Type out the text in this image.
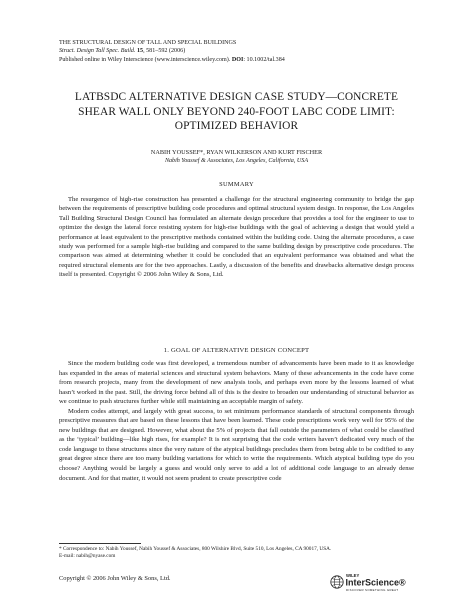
THE STRUCTURAL DESIGN OF TALL AND SPECIAL BUILDINGS
Struct. Design Tall Spec. Build. 15, 581–592 (2006)
Published online in Wiley Interscience (www.interscience.wiley.com). DOI: 10.1002/tal.384
LATBSDC ALTERNATIVE DESIGN CASE STUDY—CONCRETE
SHEAR WALL ONLY BEYOND 240-FOOT LABC CODE LIMIT:
OPTIMIZED BEHAVIOR
NABIH YOUSSEF*, RYAN WILKERSON AND KURT FISCHER
Nabih Youssef & Associates, Los Angeles, California, USA
SUMMARY

The resurgence of high-rise construction has presented a challenge for the structural engineering community to bridge the gap between the requirements of prescriptive building code procedures and optimal structural system design. In response, the Los Angeles Tall Building Structural Design Council has formulated an alternate design procedure that provides a tool for the engineer to use to optimize the design the lateral force resisting system for high-rise buildings with the goal of achieving a design that would yield a performance at least equivalent to the prescriptive methods contained within the building code. Using the alternate procedures, a case study was performed for a sample high-rise building and compared to the same building design by prescriptive code procedures. The comparison was aimed at determining whether it could be concluded that an equivalent performance was obtained and what the required structural elements are for the two approaches. Lastly, a discussion of the benefits and drawbacks alternative design process itself is presented. Copyright © 2006 John Wiley & Sons, Ltd.

1. GOAL OF ALTERNATIVE DESIGN CONCEPT

Since the modern building code was first developed, a tremendous number of advancements have been made to it as knowledge has expanded in the areas of material sciences and structural system behaviors. Many of these advancements in the code have come from research projects, many from the development of new analysis tools, and perhaps even more by the lessons learned of what hasn’t worked in the past. Still, the driving force behind all of this is the desire to broaden our understanding of structural behavior as we continue to push structures further while still maintaining an acceptable margin of safety.

Modern codes attempt, and largely with great success, to set minimum performance standards of structural components through prescriptive measures that are based on these lessons that have been learned. These code prescriptions work very well for 95% of the new buildings that are designed. However, what about the 5% of projects that fall outside the parameters of what could be classified as the ‘typical’ building—like high rises, for example? It is not surprising that the code writers haven’t dedicated very much of the code language to these structures since the very nature of the atypical buildings precludes them from being able to be codified to any great degree since there are too many building variations for which to write the requirements. Which atypical building type do you choose? Anything would be largely a guess and would only serve to add a lot of additional code language to an already dense document. And for that matter, it would not seem prudent to create prescriptive code

* Correspondence to: Nabih Youssef, Nabih Youssef & Associates, 800 Wilshire Blvd, Suite 510, Los Angeles, CA 90017, USA.
E-mail: nabih@nyase.com
Copyright © 2006 John Wiley & Sons, Ltd.	WILEY
InterScience®
DISCOVER SOMETHING GREAT
